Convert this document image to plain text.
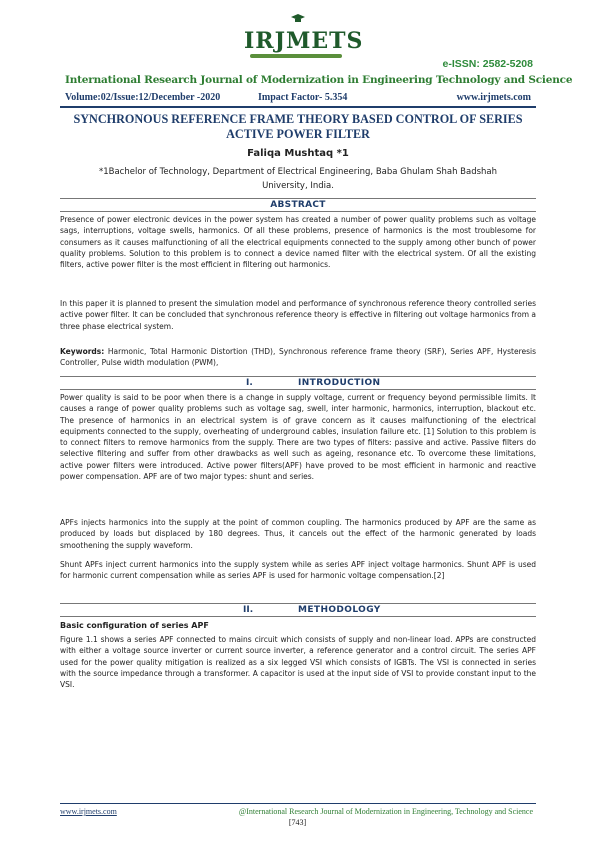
IRJMETS
e-ISSN: 2582-5208
International Research Journal of Modernization in Engineering Technology and Science
Volume:02/Issue:12/December -2020	Impact Factor- 5.354	www.irjmets.com
SYNCHRONOUS REFERENCE FRAME THEORY BASED CONTROL OF SERIES
ACTIVE POWER FILTER
Faliqa Mushtaq *1
*1Bachelor of Technology, Department of Electrical Engineering, Baba Ghulam Shah Badshah
University, India.
ABSTRACT
Presence of power electronic devices in the power system has created a number of power quality problems such as voltage sags, interruptions, voltage swells, harmonics. Of all these problems, presence of harmonics is the most troublesome for consumers as it causes malfunctioning of all the electrical equipments connected to the supply among other bunch of power quality problems. Solution to this problem is to connect a device named filter with the electrical system. Of all the existing filters, active power filter is the most efficient in filtering out harmonics.
In this paper it is planned to present the simulation model and performance of synchronous reference theory controlled series active power filter. It can be concluded that synchronous reference theory is effective in filtering out voltage harmonics from a three phase electrical system.
Keywords: Harmonic, Total Harmonic Distortion (THD), Synchronous reference frame theory (SRF), Series APF, Hysteresis Controller, Pulse width modulation (PWM),
I.	INTRODUCTION
Power quality is said to be poor when there is a change in supply voltage, current or frequency beyond permissible limits. It causes a range of power quality problems such as voltage sag, swell, inter harmonic, harmonics, interruption, blackout etc. The presence of harmonics in an electrical system is of grave concern as it causes malfunctioning of the electrical equipments connected to the supply, overheating of underground cables, insulation failure etc. [1] Solution to this problem is to connect filters to remove harmonics from the supply. There are two types of filters: passive and active. Passive filters do selective filtering and suffer from other drawbacks as well such as ageing, resonance etc. To overcome these limitations, active power filters were introduced. Active power filters(APF) have proved to be most efficient in harmonic and reactive power compensation. APF are of two major types: shunt and series.
APFs injects harmonics into the supply at the point of common coupling. The harmonics produced by APF are the same as produced by loads but displaced by 180 degrees. Thus, it cancels out the effect of the harmonic generated by loads smoothening the supply waveform.
Shunt APFs inject current harmonics into the supply system while as series APF inject voltage harmonics. Shunt APF is used for harmonic current compensation while as series APF is used for harmonic voltage compensation.[2]
II.	METHODOLOGY
Basic configuration of series APF
Figure 1.1 shows a series APF connected to mains circuit which consists of supply and non-linear load. APPs are constructed with either a voltage source inverter or current source inverter, a reference generator and a control circuit. The series APF used for the power quality mitigation is realized as a six legged VSI which consists of IGBTs. The VSI is connected in series with the source impedance through a transformer. A capacitor is used at the input side of VSI to provide constant input to the VSI.
www.irjmets.com	@International Research Journal of Modernization in Engineering, Technology and Science
[743]
